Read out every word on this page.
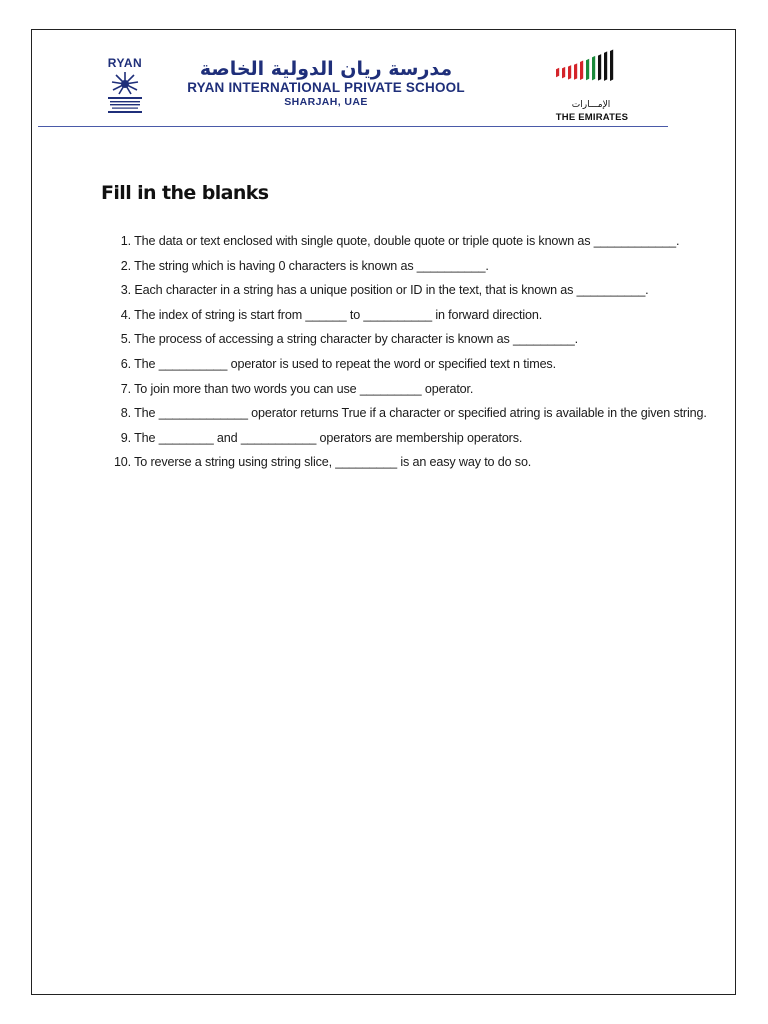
RYAN	مدرسة ريان الدولية الخاصة
RYAN INTERNATIONAL PRIVATE SCHOOL
SHARJAH, UAE	الإمـــارات
THE EMIRATES
Fill in the blanks
1. The data or text enclosed with single quote, double quote or triple quote is known as ____________.
2. The string which is having 0 characters is known as __________.
3. Each character in a string has a unique position or ID in the text, that is known as __________.
4. The index of string is start from ______ to __________ in forward direction.
5. The process of accessing a string character by character is known as _________.
6. The __________ operator is used to repeat the word or specified text n times.
7. To join more than two words you can use _________ operator.
8. The _____________ operator returns True if a character or specified atring is available in the given string.
9. The ________ and ___________ operators are membership operators.
10. To reverse a string using string slice, _________ is an easy way to do so.
